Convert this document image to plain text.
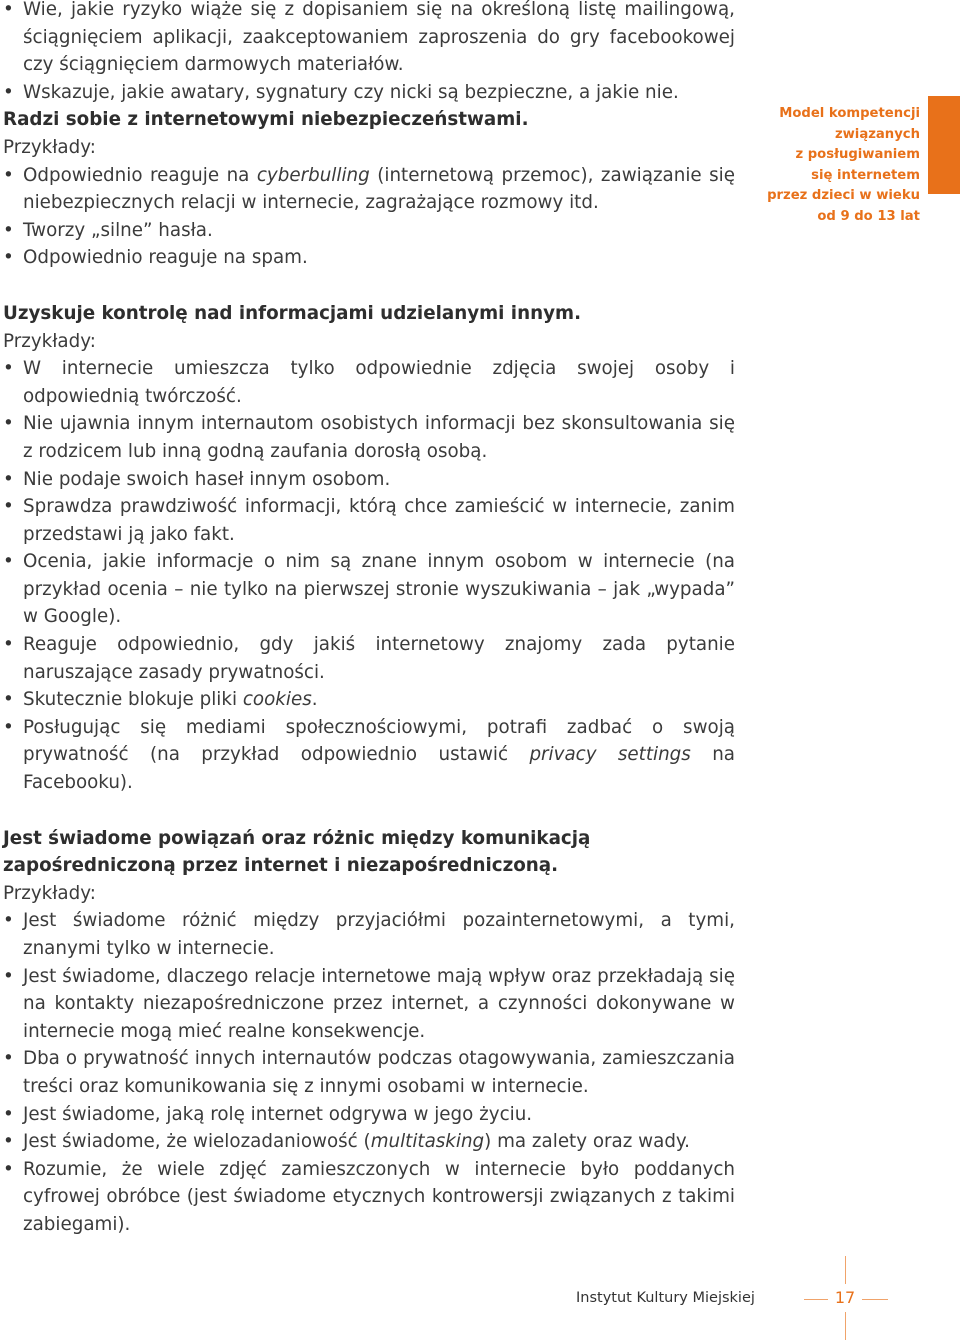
• Wie, jakie ryzyko wiąże się z dopisaniem się na określoną listę mailingową, ściągnięciem aplikacji, zaakceptowaniem zaproszenia do gry facebookowej czy ściągnięciem darmowych materiałów.
• Wskazuje, jakie awatary, sygnatury czy nicki są bezpieczne, a jakie nie.

Radzi sobie z internetowymi niebezpieczeństwami.

Przykłady:

• Odpowiednio reaguje na cyberbulling (internetową przemoc), zawiązanie się niebezpiecznych relacji w internecie, zagrażające rozmowy itd.
• Tworzy „silne” hasła.
• Odpowiednio reaguje na spam.

Uzyskuje kontrolę nad informacjami udzielanymi innym.

Przykłady:

• W internecie umieszcza tylko odpowiednie zdjęcia swojej osoby i odpowiednią twórczość.
• Nie ujawnia innym internautom osobistych informacji bez skonsultowania się z rodzicem lub inną godną zaufania dorosłą osobą.
• Nie podaje swoich haseł innym osobom.
• Sprawdza prawdziwość informacji, którą chce zamieścić w internecie, zanim przedstawi ją jako fakt.
• Ocenia, jakie informacje o nim są znane innym osobom w internecie (na przykład ocenia – nie tylko na pierwszej stronie wyszukiwania – jak „wypada” w Google).
• Reaguje odpowiednio, gdy jakiś internetowy znajomy zada pytanie naruszające zasady prywatności.
• Skutecznie blokuje pliki cookies.
• Posługując się mediami społecznościowymi, potrafi zadbać o swoją prywatność (na przykład odpowiednio ustawić privacy settings na Facebooku).

Jest świadome powiązań oraz różnic między komunikacją zapośredniczoną przez internet i niezapośredniczoną.

Przykłady:

• Jest świadome różnić między przyjaciółmi pozainternetowymi, a tymi, znanymi tylko w internecie.
• Jest świadome, dlaczego relacje internetowe mają wpływ oraz przekładają się na kontakty niezapośredniczone przez internet, a czynności dokonywane w internecie mogą mieć realne konsekwencje.
• Dba o prywatność innych internautów podczas otagowywania, zamieszczania treści oraz komunikowania się z innymi osobami w internecie.
• Jest świadome, jaką rolę internet odgrywa w jego życiu.
• Jest świadome, że wielozadaniowość (multitasking) ma zalety oraz wady.
• Rozumie, że wiele zdjęć zamieszczonych w internecie było poddanych cyfrowej obróbce (jest świadome etycznych kontrowersji związanych z takimi zabiegami).
Model kompetencji
związanych
z posługiwaniem
się internetem
przez dzieci w wieku
od 9 do 13 lat
Instytut Kultury Miejskiej	17
